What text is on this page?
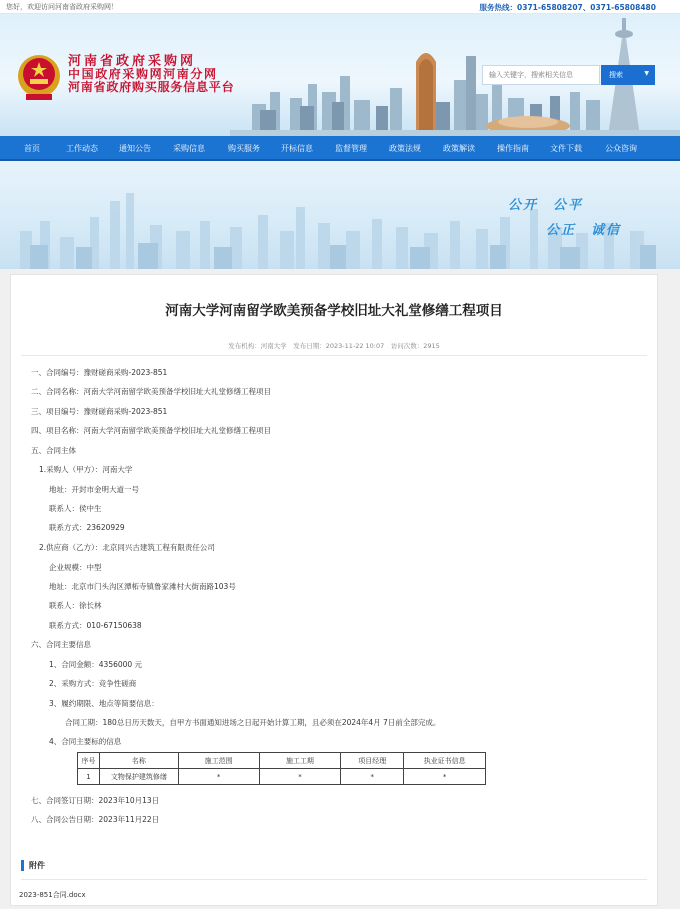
您好，欢迎访问河南省政府采购网！	服务热线：0371-65808207、0371-65808480
河南省政府采购网
中国政府采购网河南分网
河南省政府购买服务信息平台
输入关键字，搜索相关信息
搜索	▼
首页	工作动态	通知公告	采购信息	购买服务	开标信息	监督管理	政策法规	政策解读	操作指南	文件下载	公众咨询
公开　公平
公正　诚信
河南大学河南留学欧美预备学校旧址大礼堂修缮工程项目
发布机构：河南大学　发布日期：2023-11-22 10:07　访问次数：2915
一、合同编号：豫财磋商采购-2023-851
二、合同名称：河南大学河南留学欧美预备学校旧址大礼堂修缮工程项目
三、项目编号：豫财磋商采购-2023-851
四、项目名称：河南大学河南留学欧美预备学校旧址大礼堂修缮工程项目
五、合同主体
1.采购人（甲方）：河南大学
地址：开封市金明大道一号
联系人：侯中生
联系方式：23620929
2.供应商（乙方）：北京同兴古建筑工程有限责任公司
企业规模：中型
地址：北京市门头沟区潭柘寺镇鲁家滩村大街南路103号
联系人：徐长林
联系方式：010-67150638
六、合同主要信息
1、合同金额：4356000 元
2、采购方式：竞争性磋商
3、履约期限、地点等简要信息：
合同工期：180总日历天数天，自甲方书面通知进场之日起开始计算工期，且必须在2024年4月 7日前全部完成。
4、合同主要标的信息
序号	名称	施工范围	施工工期	项目经理	执业证书信息
1	文物保护建筑修缮	*	*	*	*
七、合同签订日期：2023年10月13日
八、合同公告日期：2023年11月22日
附件
2023-851合同.docx
